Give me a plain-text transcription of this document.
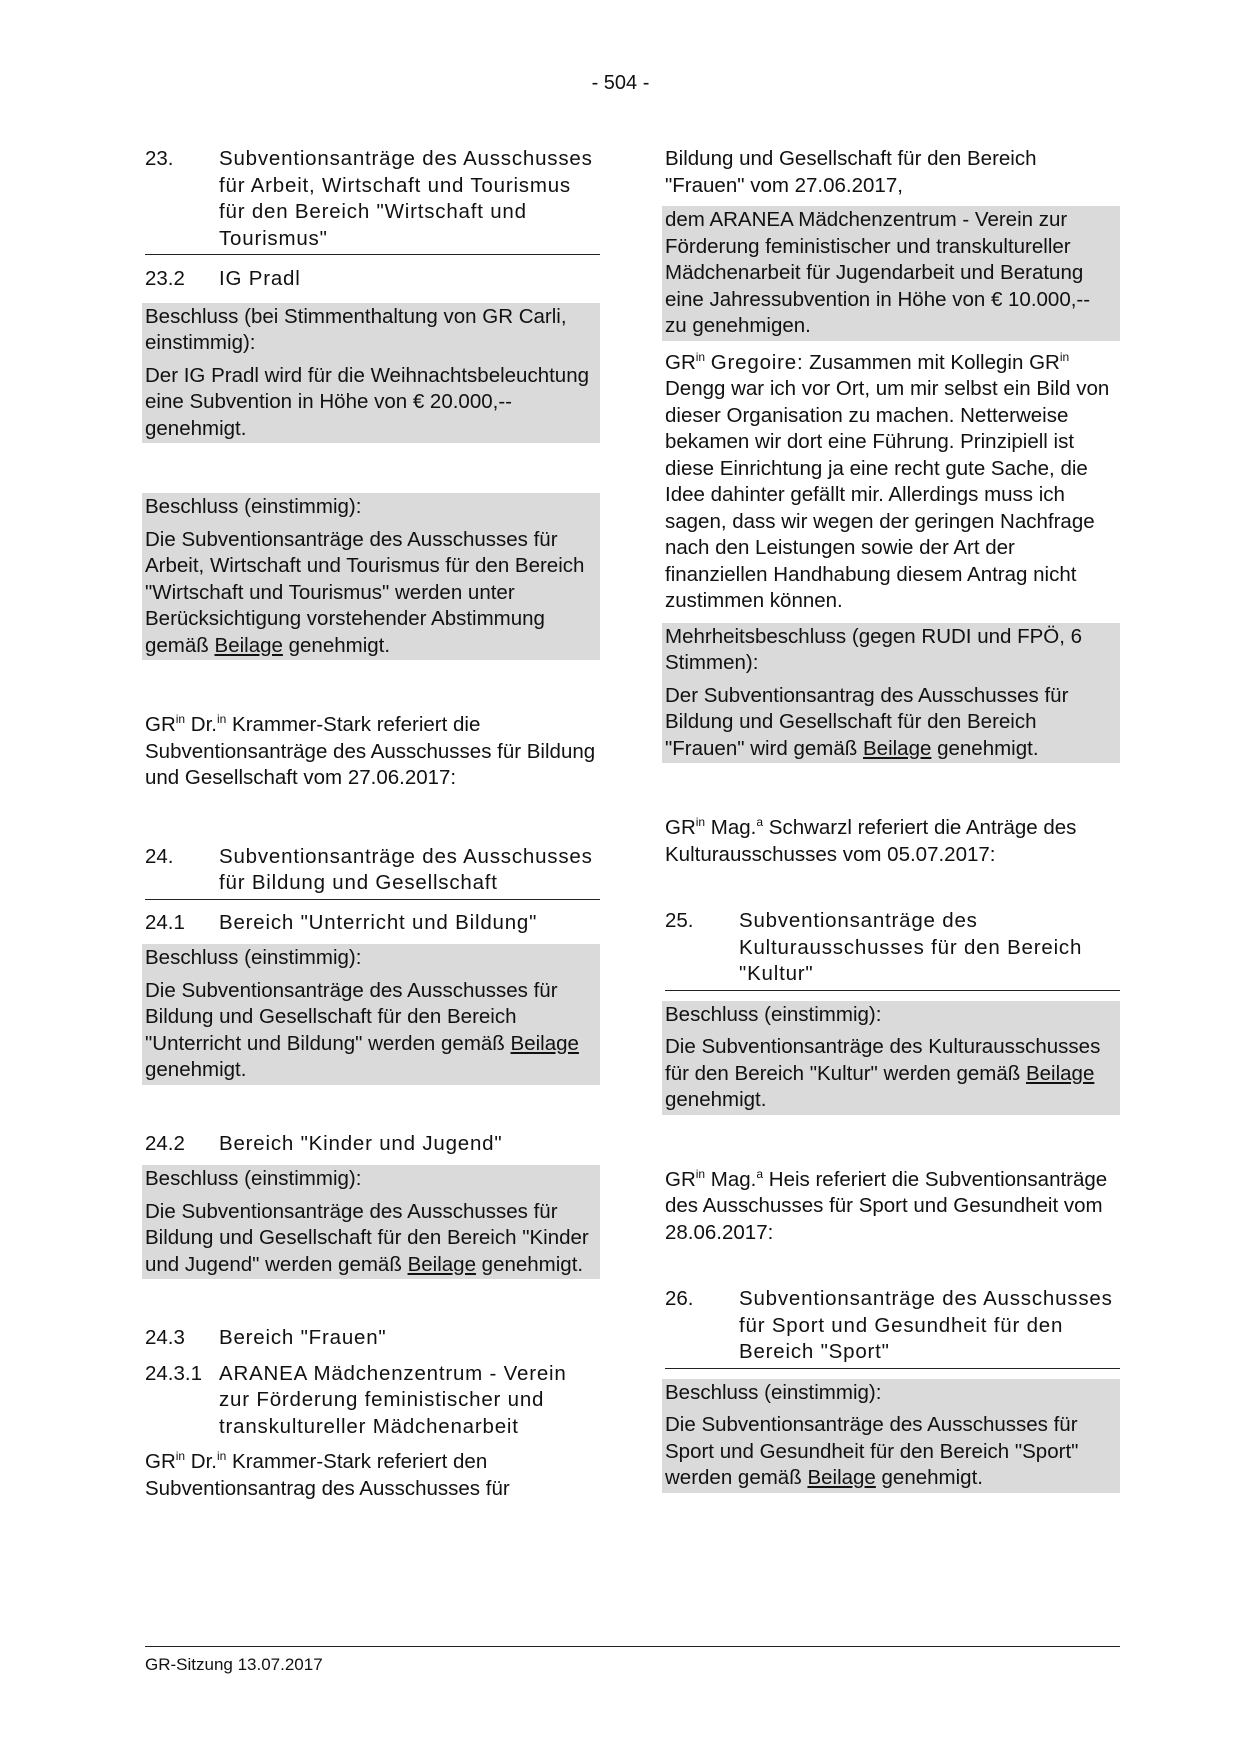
- 504 -
23.	Subventionsanträge des Ausschusses für Arbeit, Wirtschaft und Tourismus für den Bereich "Wirtschaft und Tourismus"
23.2	IG Pradl

Beschluss (bei Stimmenthaltung von GR Carli, einstimmig):

Der IG Pradl wird für die Weihnachtsbeleuchtung eine Subvention in Höhe von € 20.000,-- genehmigt.

Beschluss (einstimmig):

Die Subventionsanträge des Ausschusses für Arbeit, Wirtschaft und Tourismus für den Bereich "Wirtschaft und Tourismus" werden unter Berücksichtigung vorstehender Abstimmung gemäß Beilage genehmigt.

$GR^{in}$ Dr.$^{in}$ Krammer-Stark referiert die Subventionsanträge des Ausschusses für Bildung und Gesellschaft vom 27.06.2017:

24.	Subventionsanträge des Ausschusses für Bildung und Gesellschaft
24.1	Bereich "Unterricht und Bildung"

Beschluss (einstimmig):

Die Subventionsanträge des Ausschusses für Bildung und Gesellschaft für den Bereich "Unterricht und Bildung" werden gemäß Beilage genehmigt.

24.2	Bereich "Kinder und Jugend"

Beschluss (einstimmig):

Die Subventionsanträge des Ausschusses für Bildung und Gesellschaft für den Bereich "Kinder und Jugend" werden gemäß Beilage genehmigt.

24.3	Bereich "Frauen"
24.3.1 ARANEA Mädchenzentrum - Verein zur Förderung feministischer und transkultureller Mädchenarbeit

$GR^{in}$ Dr.$^{in}$ Krammer-Stark referiert den Subventionsantrag des Ausschusses für

Bildung und Gesellschaft für den Bereich "Frauen" vom 27.06.2017,

dem ARANEA Mädchenzentrum - Verein zur Förderung feministischer und transkultureller Mädchenarbeit für Jugendarbeit und Beratung eine Jahressubvention in Höhe von € 10.000,-- zu genehmigen.

$GR^{in}$ Gregoire: Zusammen mit Kollegin $GR^{in}$ Dengg war ich vor Ort, um mir selbst ein Bild von dieser Organisation zu machen. Netterweise bekamen wir dort eine Führung. Prinzipiell ist diese Einrichtung ja eine recht gute Sache, die Idee dahinter gefällt mir. Allerdings muss ich sagen, dass wir wegen der geringen Nachfrage nach den Leistungen sowie der Art der finanziellen Handhabung diesem Antrag nicht zustimmen können.

Mehrheitsbeschluss (gegen RUDI und FPÖ, 6 Stimmen):

Der Subventionsantrag des Ausschusses für Bildung und Gesellschaft für den Bereich "Frauen" wird gemäß Beilage genehmigt.

$GR^{in}$ Mag.$^a$ Schwarzl referiert die Anträge des Kulturausschusses vom 05.07.2017:

25.	Subventionsanträge des Kulturausschusses für den Bereich "Kultur"

Beschluss (einstimmig):

Die Subventionsanträge des Kulturausschusses für den Bereich "Kultur" werden gemäß Beilage genehmigt.

$GR^{in}$ Mag.$^a$ Heis referiert die Subventionsanträge des Ausschusses für Sport und Gesundheit vom 28.06.2017:

26.	Subventionsanträge des Ausschusses für Sport und Gesundheit für den Bereich "Sport"

Beschluss (einstimmig):

Die Subventionsanträge des Ausschusses für Sport und Gesundheit für den Bereich "Sport" werden gemäß Beilage genehmigt.

GR-Sitzung 13.07.2017
